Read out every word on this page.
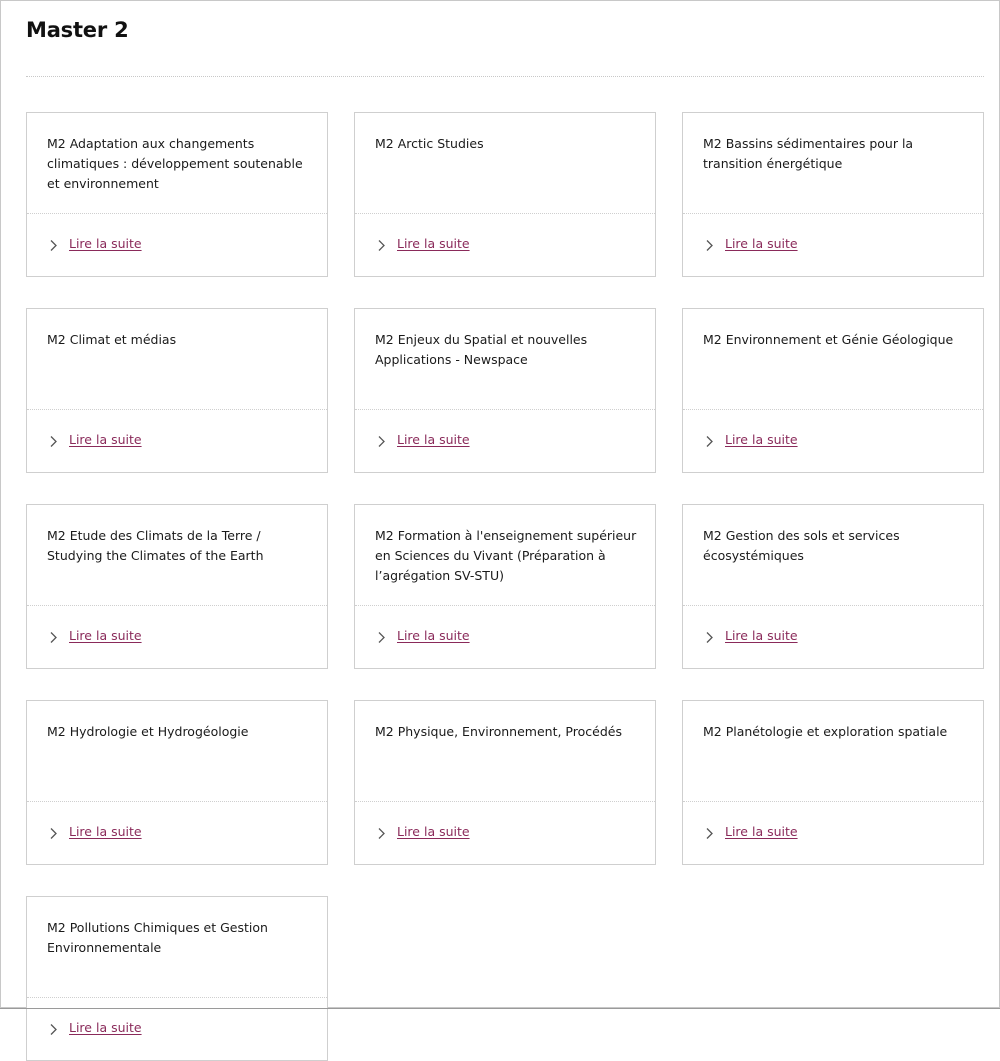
Master 2
M2 Adaptation aux changements climatiques : développement soutenable et environnement
Lire la suite
M2 Arctic Studies
Lire la suite
M2 Bassins sédimentaires pour la transition énergétique
Lire la suite
M2 Climat et médias
Lire la suite
M2 Enjeux du Spatial et nouvelles Applications - Newspace
Lire la suite
M2 Environnement et Génie Géologique
Lire la suite
M2 Etude des Climats de la Terre / Studying the Climates of the Earth
Lire la suite
M2 Formation à l'enseignement supérieur en Sciences du Vivant (Préparation à l’agrégation SV-STU)
Lire la suite
M2 Gestion des sols et services écosystémiques
Lire la suite
M2 Hydrologie et Hydrogéologie
Lire la suite
M2 Physique, Environnement, Procédés
Lire la suite
M2 Planétologie et exploration spatiale
Lire la suite
M2 Pollutions Chimiques et Gestion Environnementale
Lire la suite
